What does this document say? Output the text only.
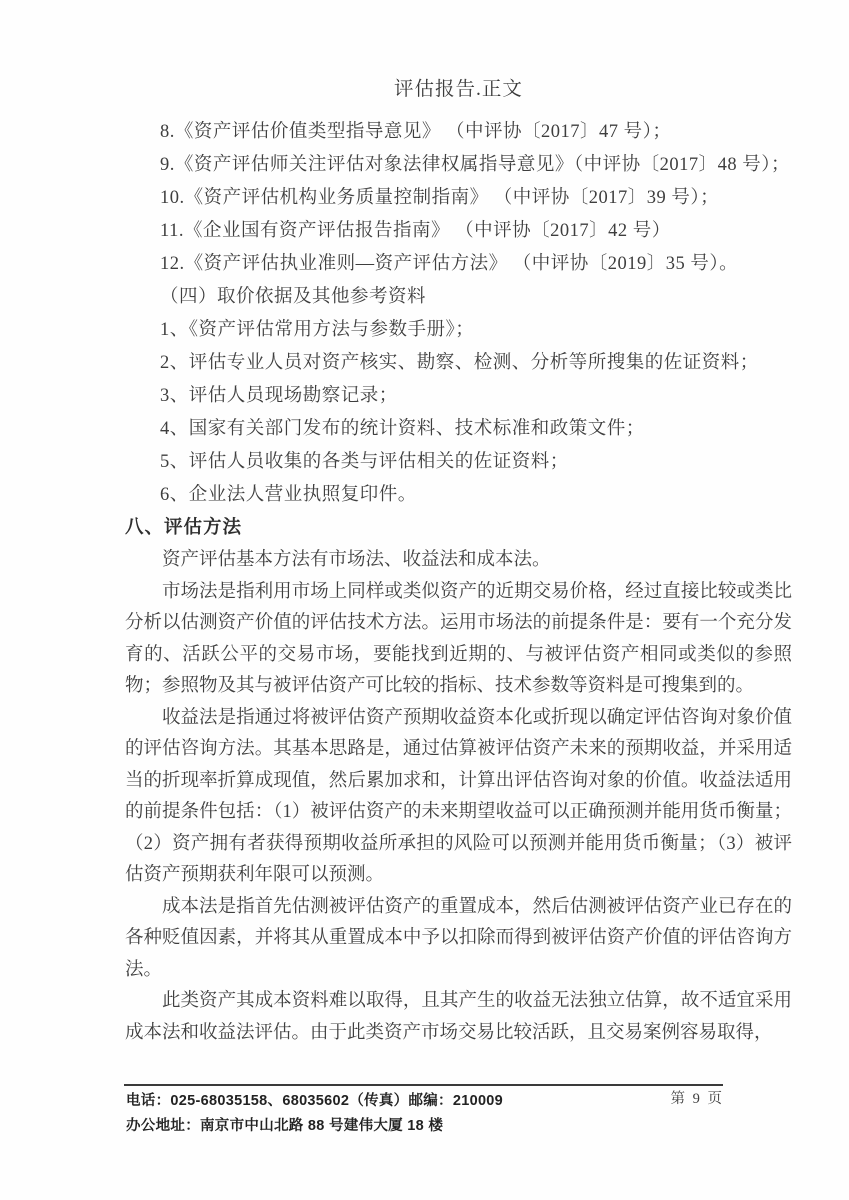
评估报告.正文
8.《资产评估价值类型指导意见》 （中评协〔2017〕47 号）；
9.《资产评估师关注评估对象法律权属指导意见》（中评协〔2017〕48 号）；
10.《资产评估机构业务质量控制指南》 （中评协〔2017〕39 号）；
11.《企业国有资产评估报告指南》 （中评协〔2017〕42 号）
12.《资产评估执业准则—资产评估方法》 （中评协〔2019〕35 号）。
（四）取价依据及其他参考资料
1、《资产评估常用方法与参数手册》；
2、评估专业人员对资产核实、勘察、检测、分析等所搜集的佐证资料；
3、评估人员现场勘察记录；
4、国家有关部门发布的统计资料、技术标准和政策文件；
5、评估人员收集的各类与评估相关的佐证资料；
6、企业法人营业执照复印件。
八、评估方法

资产评估基本方法有市场法、收益法和成本法。

市场法是指利用市场上同样或类似资产的近期交易价格，经过直接比较或类比分析以估测资产价值的评估技术方法。运用市场法的前提条件是：要有一个充分发育的、活跃公平的交易市场，要能找到近期的、与被评估资产相同或类似的参照物；参照物及其与被评估资产可比较的指标、技术参数等资料是可搜集到的。

收益法是指通过将被评估资产预期收益资本化或折现以确定评估咨询对象价值的评估咨询方法。其基本思路是，通过估算被评估资产未来的预期收益，并采用适当的折现率折算成现值，然后累加求和，计算出评估咨询对象的价值。收益法适用的前提条件包括：（1）被评估资产的未来期望收益可以正确预测并能用货币衡量；（2）资产拥有者获得预期收益所承担的风险可以预测并能用货币衡量；（3）被评估资产预期获利年限可以预测。

成本法是指首先估测被评估资产的重置成本，然后估测被评估资产业已存在的各种贬值因素，并将其从重置成本中予以扣除而得到被评估资产价值的评估咨询方法。

此类资产其成本资料难以取得，且其产生的收益无法独立估算，故不适宜采用成本法和收益法评估。由于此类资产市场交易比较活跃，且交易案例容易取得，

第 9 页
电话：025-68035158、68035602（传真）邮编：210009
办公地址：南京市中山北路 88 号建伟大厦 18 楼
